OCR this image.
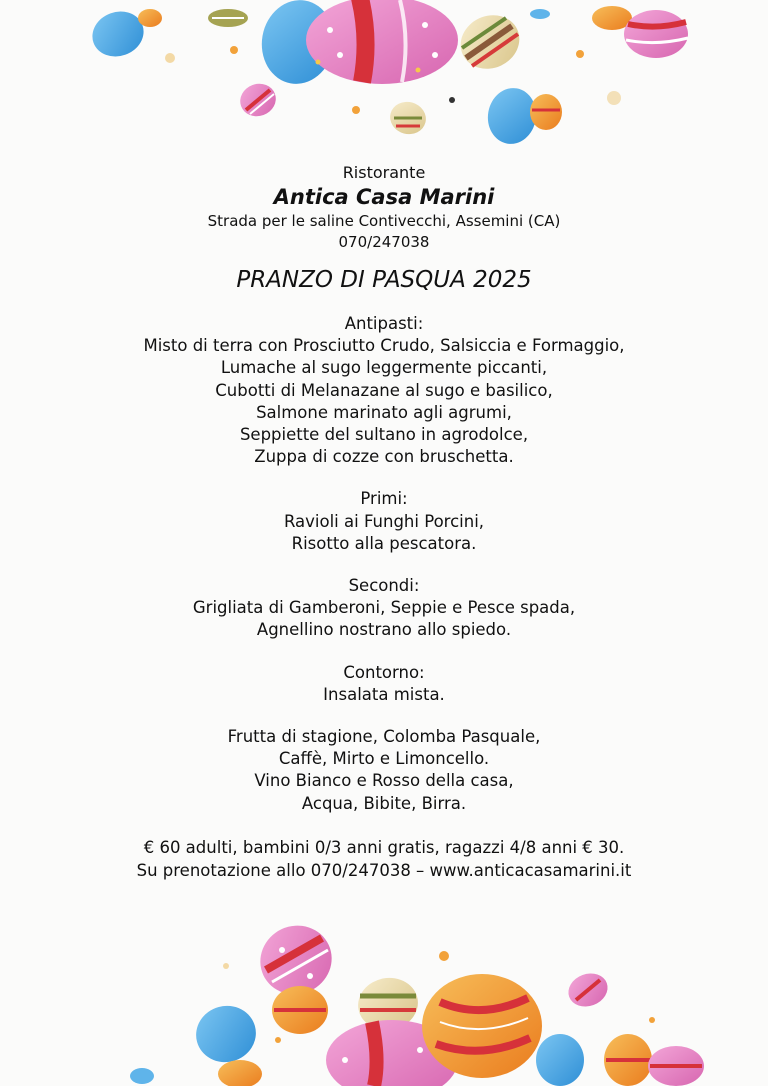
Ristorante
Antica Casa Marini
Strada per le saline Contivecchi, Assemini (CA)
070/247038
PRANZO DI PASQUA 2025
Antipasti:
Misto di terra con Prosciutto Crudo, Salsiccia e Formaggio,
Lumache al sugo leggermente piccanti,
Cubotti di Melanazane al sugo e basilico,
Salmone marinato agli agrumi,
Seppiette del sultano in agrodolce,
Zuppa di cozze con bruschetta.
Primi:
Ravioli ai Funghi Porcini,
Risotto alla pescatora.
Secondi:
Grigliata di Gamberoni, Seppie e Pesce spada,
Agnellino nostrano allo spiedo.
Contorno:
Insalata mista.
Frutta di stagione, Colomba Pasquale,
Caffè, Mirto e Limoncello.
Vino Bianco e Rosso della casa,
Acqua, Bibite, Birra.
€ 60 adulti, bambini 0/3 anni gratis, ragazzi 4/8 anni € 30.
Su prenotazione allo 070/247038 – www.anticacasamarini.it
